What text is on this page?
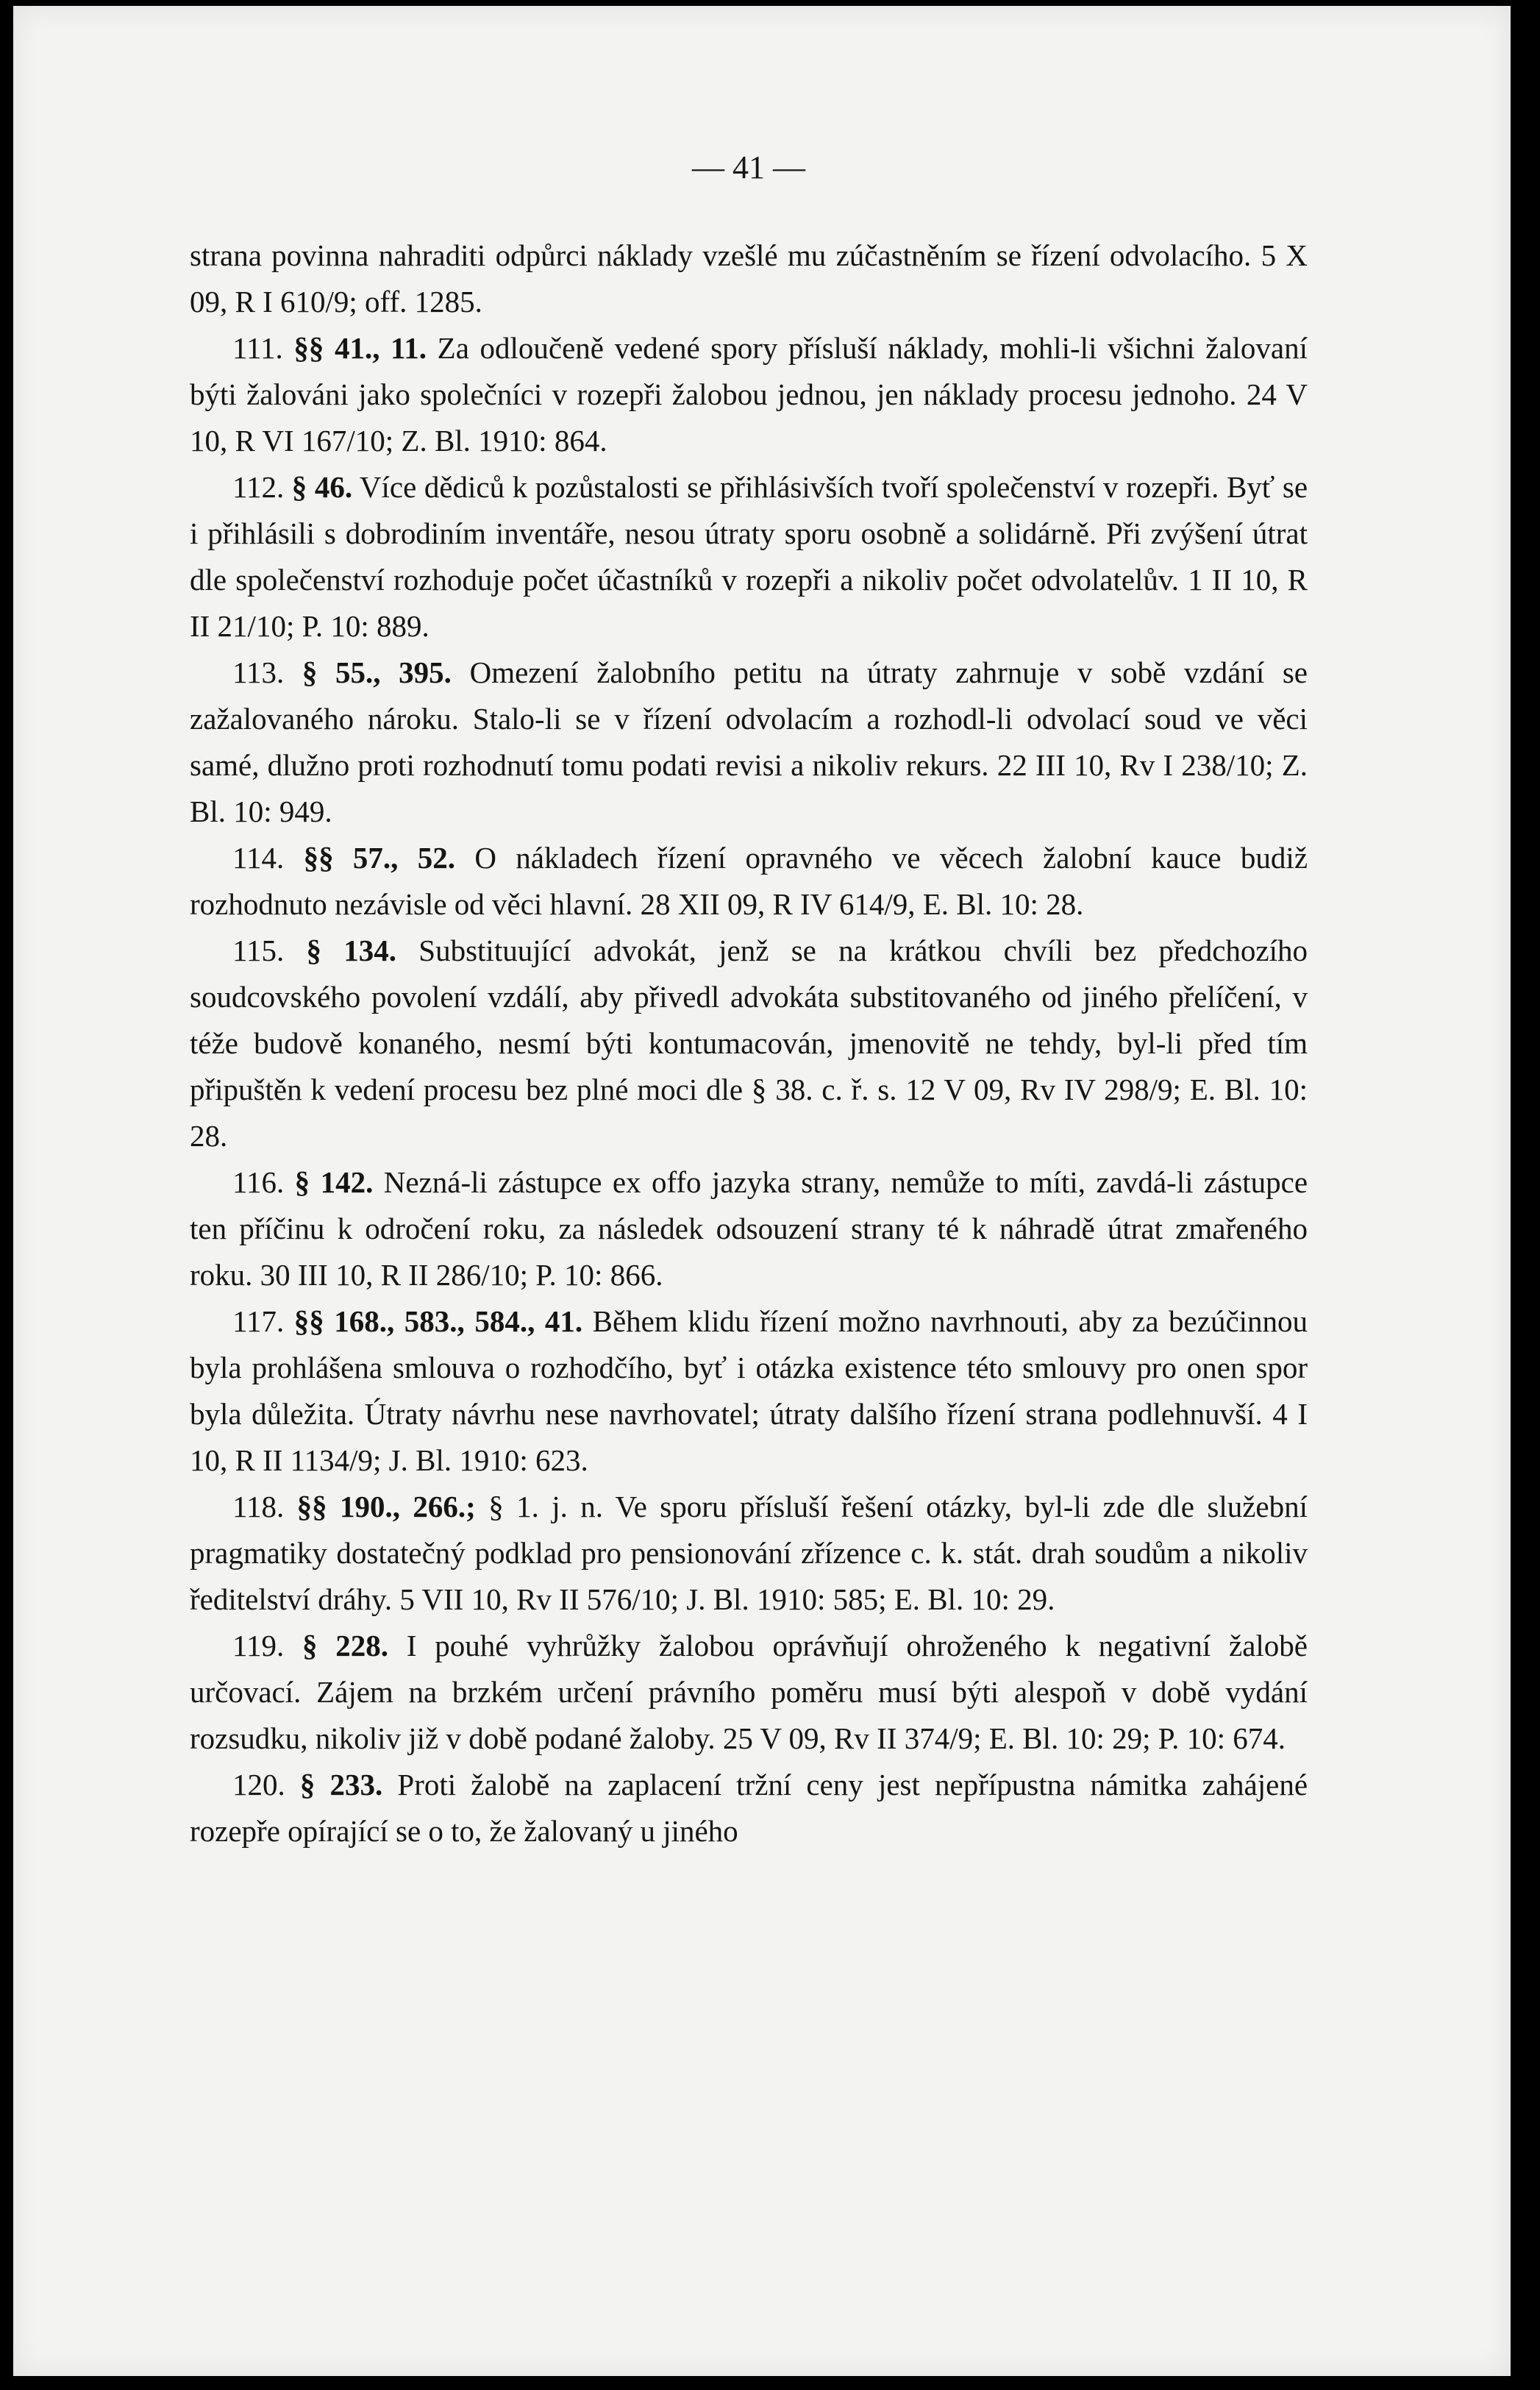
— 41 —

strana povinna nahraditi odpůrci náklady vzešlé mu zúčastněním se řízení odvolacího. 5 X 09, R I 610/9; off. 1285.

111. §§ 41., 11. Za odloučeně vedené spory přísluší náklady, mohli-li všichni žalovaní býti žalováni jako společníci v rozepři žalobou jednou, jen náklady procesu jednoho. 24 V 10, R VI 167/10; Z. Bl. 1910: 864.

112. § 46. Více dědiců k pozůstalosti se přihlásivších tvoří společenství v rozepři. Byť se i přihlásili s dobrodiním inventáře, nesou útraty sporu osobně a solidárně. Při zvýšení útrat dle společenství rozhoduje počet účastníků v rozepři a nikoliv počet odvolatelův. 1 II 10, R II 21/10; P. 10: 889.

113. § 55., 395. Omezení žalobního petitu na útraty zahrnuje v sobě vzdání se zažalovaného nároku. Stalo-li se v řízení odvolacím a rozhodl-li odvolací soud ve věci samé, dlužno proti rozhodnutí tomu podati revisi a nikoliv rekurs. 22 III 10, Rv I 238/10; Z. Bl. 10: 949.

114. §§ 57., 52. O nákladech řízení opravného ve věcech žalobní kauce budiž rozhodnuto nezávisle od věci hlavní. 28 XII 09, R IV 614/9, E. Bl. 10: 28.

115. § 134. Substituující advokát, jenž se na krátkou chvíli bez předchozího soudcovského povolení vzdálí, aby přivedl advokáta substitovaného od jiného přelíčení, v téže budově konaného, nesmí býti kontumacován, jmenovitě ne tehdy, byl-li před tím připuštěn k vedení procesu bez plné moci dle § 38. c. ř. s. 12 V 09, Rv IV 298/9; E. Bl. 10: 28.

116. § 142. Nezná-li zástupce ex offo jazyka strany, nemůže to míti, zavdá-li zástupce ten příčinu k odročení roku, za následek odsouzení strany té k náhradě útrat zmařeného roku. 30 III 10, R II 286/10; P. 10: 866.

117. §§ 168., 583., 584., 41. Během klidu řízení možno navrhnouti, aby za bezúčinnou byla prohlášena smlouva o rozhodčího, byť i otázka existence této smlouvy pro onen spor byla důležita. Útraty návrhu nese navrhovatel; útraty dalšího řízení strana podlehnuvší. 4 I 10, R II 1134/9; J. Bl. 1910: 623.

118. §§ 190., 266.; § 1. j. n. Ve sporu přísluší řešení otázky, byl-li zde dle služební pragmatiky dostatečný podklad pro pensionování zřízence c. k. stát. drah soudům a nikoliv ředitelství dráhy. 5 VII 10, Rv II 576/10; J. Bl. 1910: 585; E. Bl. 10: 29.

119. § 228. I pouhé vyhrůžky žalobou oprávňují ohroženého k negativní žalobě určovací. Zájem na brzkém určení právního poměru musí býti alespoň v době vydání rozsudku, nikoliv již v době podané žaloby. 25 V 09, Rv II 374/9; E. Bl. 10: 29; P. 10: 674.

120. § 233. Proti žalobě na zaplacení tržní ceny jest nepřípustna námitka zahájené rozepře opírající se o to, že žalovaný u jiného
